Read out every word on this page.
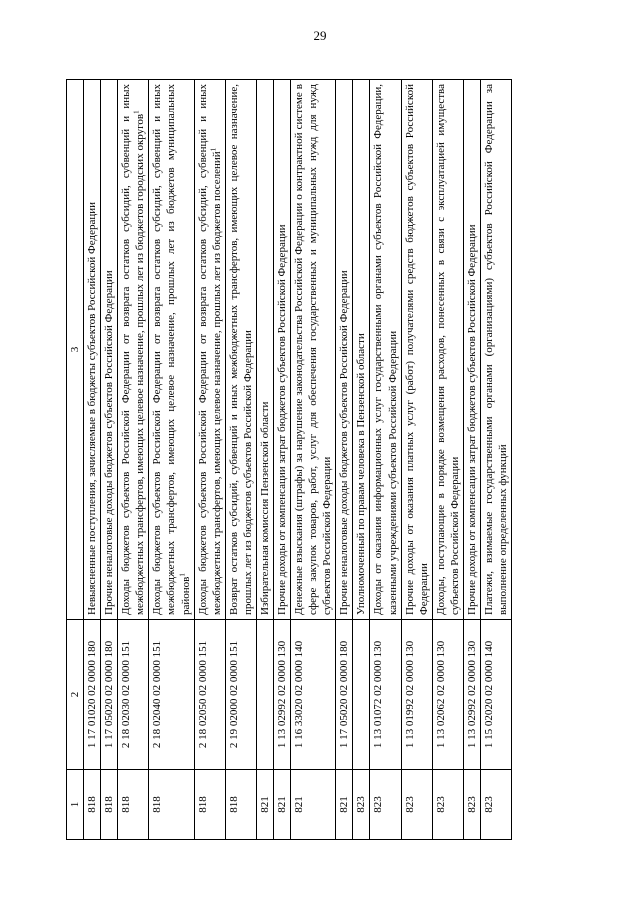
29
1	2	3
818	1 17 01020 02 0000 180	Невыясненные поступления, зачисляемые в бюджеты субъектов Российской Федерации
818	1 17 05020 02 0000 180	Прочие неналоговые доходы бюджетов субъектов Российской Федерации
818	2 18 02030 02 0000 151	Доходы бюджетов субъектов Российской Федерации от возврата остатков субсидий, субвенций и иных межбюджетных трансфертов, имеющих целевое назначение, прошлых лет из бюджетов городских округов$^1$
818	2 18 02040 02 0000 151	Доходы бюджетов субъектов Российской Федерации от возврата остатков субсидий, субвенций и иных межбюджетных трансфертов, имеющих целевое назначение, прошлых лет из бюджетов муниципальных районов$^1$
818	2 18 02050 02 0000 151	Доходы бюджетов субъектов Российской Федерации от возврата остатков субсидий, субвенций и иных межбюджетных трансфертов, имеющих целевое назначение, прошлых лет из бюджетов поселений$^1$
818	2 19 02000 02 0000 151	Возврат остатков субсидий, субвенций и иных межбюджетных трансфертов, имеющих целевое назначение, прошлых лет из бюджетов субъектов Российской Федерации
821		Избирательная комиссия Пензенской области
821	1 13 02992 02 0000 130	Прочие доходы от компенсации затрат бюджетов субъектов Российской Федерации
821	1 16 33020 02 0000 140	Денежные взыскания (штрафы) за нарушение законодательства Российской Федерации о контрактной системе в сфере закупок товаров, работ, услуг для обеспечения государственных и муниципальных нужд для нужд субъектов Российской Федерации
821	1 17 05020 02 0000 180	Прочие неналоговые доходы бюджетов субъектов Российской Федерации
823		Уполномоченный по правам человека в Пензенской области
823	1 13 01072 02 0000 130	Доходы от оказания информационных услуг государственными органами субъектов Российской Федерации, казенными учреждениями субъектов Российской Федерации
823	1 13 01992 02 0000 130	Прочие доходы от оказания платных услуг (работ) получателями средств бюджетов субъектов Российской Федерации
823	1 13 02062 02 0000 130	Доходы, поступающие в порядке возмещения расходов, понесенных в связи с эксплуатацией имущества субъектов Российской Федерации
823	1 13 02992 02 0000 130	Прочие доходы от компенсации затрат бюджетов субъектов Российской Федерации
823	1 15 02020 02 0000 140	Платежи, взимаемые государственными органами (организациями) субъектов Российской Федерации за выполнение определенных функций
